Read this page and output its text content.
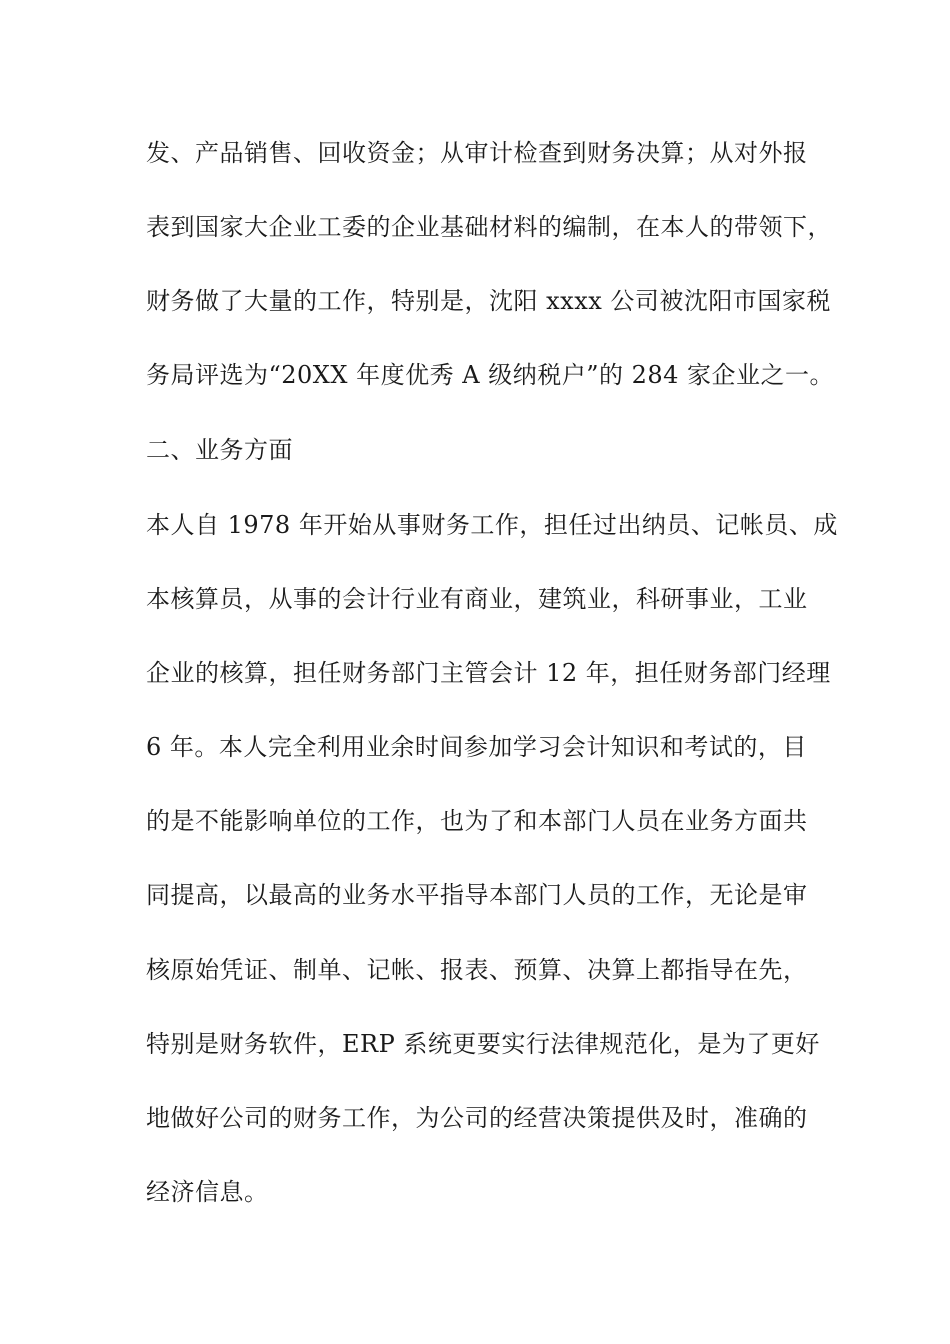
发、产品销售、回收资金；从审计检查到财务决算；从对外报
表到国家大企业工委的企业基础材料的编制，在本人的带领下，
财务做了大量的工作，特别是，沈阳 xxxx 公司被沈阳市国家税
务局评选为“20XX 年度优秀 A 级纳税户”的 284 家企业之一。
二、业务方面
本人自 1978 年开始从事财务工作，担任过出纳员、记帐员、成
本核算员，从事的会计行业有商业，建筑业，科研事业，工业
企业的核算，担任财务部门主管会计 12 年，担任财务部门经理
6 年。本人完全利用业余时间参加学习会计知识和考试的，目
的是不能影响单位的工作，也为了和本部门人员在业务方面共
同提高，以最高的业务水平指导本部门人员的工作，无论是审
核原始凭证、制单、记帐、报表、预算、决算上都指导在先，
特别是财务软件，ERP 系统更要实行法律规范化，是为了更好
地做好公司的财务工作，为公司的经营决策提供及时，准确的
经济信息。
